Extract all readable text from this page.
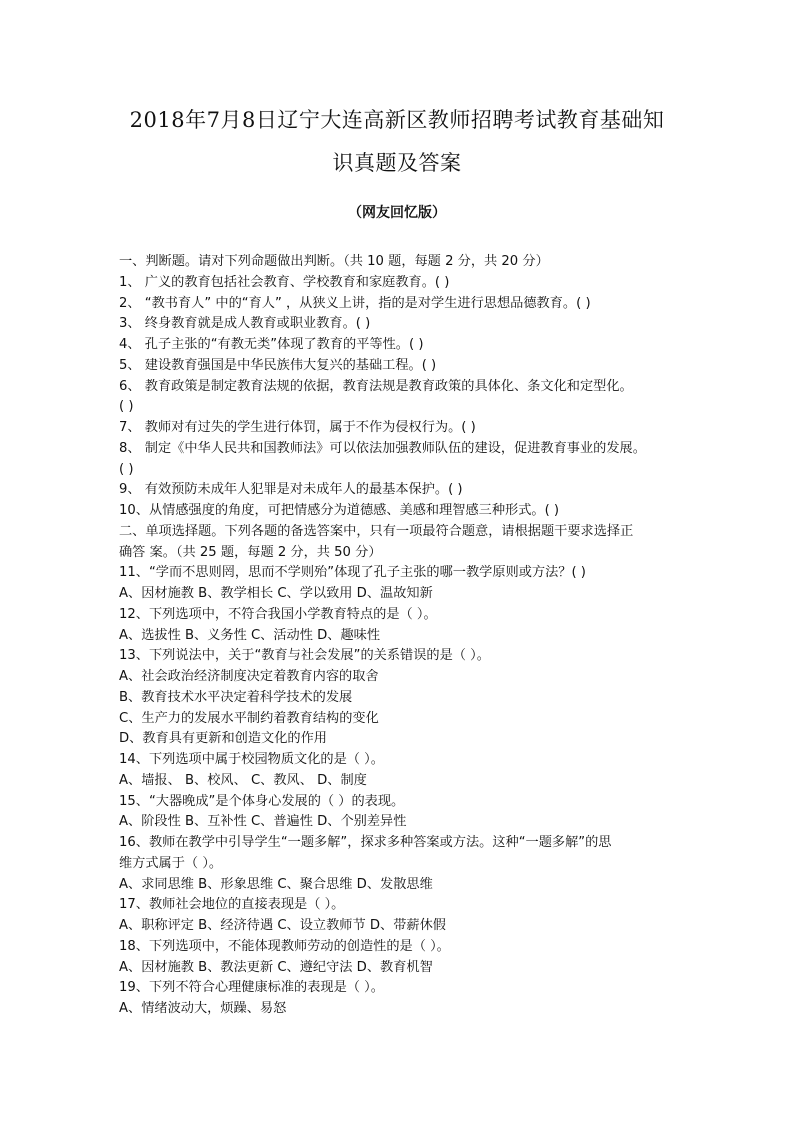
2018年7月8日辽宁大连高新区教师招聘考试教育基础知
识真题及答案
（网友回忆版）
一、判断题。请对下列命题做出判断。（共 10 题，每题 2 分，共 20 分）
1、 广义的教育包括社会教育、学校教育和家庭教育。( )
2、 “教书育人” 中的“育人” ，从狭义上讲，指的是对学生进行思想品德教育。( )
3、 终身教育就是成人教育或职业教育。( )
4、 孔子主张的“有教无类”体现了教育的平等性。( )
5、 建设教育强国是中华民族伟大复兴的基础工程。( )
6、 教育政策是制定教育法规的依据，教育法规是教育政策的具体化、条文化和定型化。
( )
7、 教师对有过失的学生进行体罚，属于不作为侵权行为。( )
8、 制定《中华人民共和国教师法》可以依法加强教师队伍的建设，促进教育事业的发展。
( )
9、 有效预防未成年人犯罪是对未成年人的最基本保护。( )
10、从情感强度的角度，可把情感分为道德感、美感和理智感三种形式。( )
二、单项选择题。下列各题的备选答案中，只有一项最符合题意，请根据题干要求选择正
确答 案。（共 25 题，每题 2 分，共 50 分）
11、“学而不思则罔，思而不学则殆”体现了孔子主张的哪一教学原则或方法？( )
A、因材施教 B、教学相长 C、学以致用 D、温故知新
12、下列选项中，不符合我国小学教育特点的是（ ）。
A、选拔性 B、义务性 C、活动性 D、趣味性
13、下列说法中，关于“教育与社会发展”的关系错误的是（ ）。
A、社会政治经济制度决定着教育内容的取舍
B、教育技术水平决定着科学技术的发展
C、生产力的发展水平制约着教育结构的变化
D、教育具有更新和创造文化的作用
14、下列选项中属于校园物质文化的是（ ）。
A、墙报、 B、校风、 C、教风、 D、制度
15、“大器晚成”是个体身心发展的（ ）的表现。
A、阶段性 B、互补性 C、普遍性 D、个别差异性
16、教师在教学中引导学生“一题多解”，探求多种答案或方法。这种“一题多解”的思
维方式属于（ ）。
A、求同思维 B、形象思维 C、聚合思维 D、发散思维
17、教师社会地位的直接表现是（ ）。
A、职称评定 B、经济待遇 C、设立教师节 D、带薪休假
18、下列选项中，不能体现教师劳动的创造性的是（ ）。
A、因材施教 B、教法更新 C、遵纪守法 D、教育机智
19、下列不符合心理健康标准的表现是（ ）。
A、情绪波动大，烦躁、易怒
